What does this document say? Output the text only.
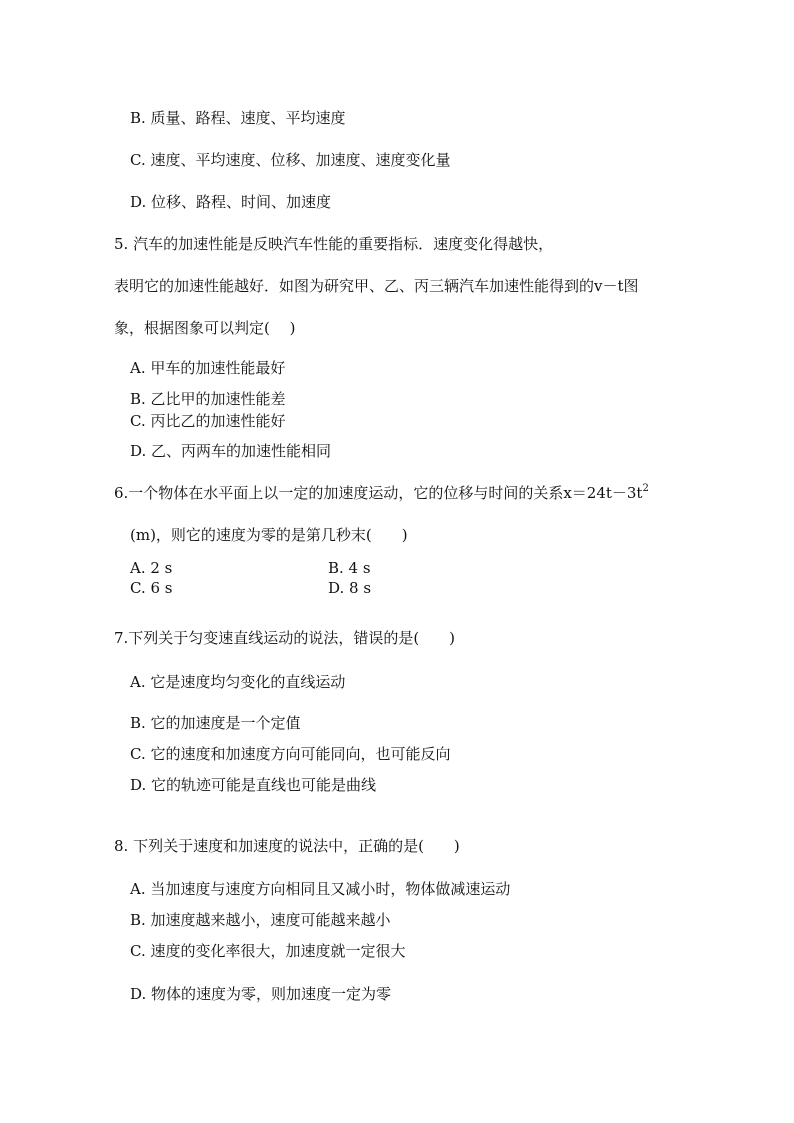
B. 质量、路程、速度、平均速度
C. 速度、平均速度、位移、加速度、速度变化量
D. 位移、路程、时间、加速度
5. 汽车的加速性能是反映汽车性能的重要指标．速度变化得越快，
表明它的加速性能越好．如图为研究甲、乙、丙三辆汽车加速性能得到的v－t图
象，根据图象可以判定(　 )
A. 甲车的加速性能最好
B. 乙比甲的加速性能差
C. 丙比乙的加速性能好
D. 乙、丙两车的加速性能相同
6.一个物体在水平面上以一定的加速度运动，它的位移与时间的关系$x=24t-3t^2$
(m)，则它的速度为零的是第几秒末(　　)
A. 2 s	B. 4 s
C. 6 s	D. 8 s
7.下列关于匀变速直线运动的说法，错误的是(　　)
A. 它是速度均匀变化的直线运动
B. 它的加速度是一个定值
C. 它的速度和加速度方向可能同向，也可能反向
D. 它的轨迹可能是直线也可能是曲线
8. 下列关于速度和加速度的说法中，正确的是(　　)
A. 当加速度与速度方向相同且又减小时，物体做减速运动
B. 加速度越来越小，速度可能越来越小
C. 速度的变化率很大，加速度就一定很大
D. 物体的速度为零，则加速度一定为零
